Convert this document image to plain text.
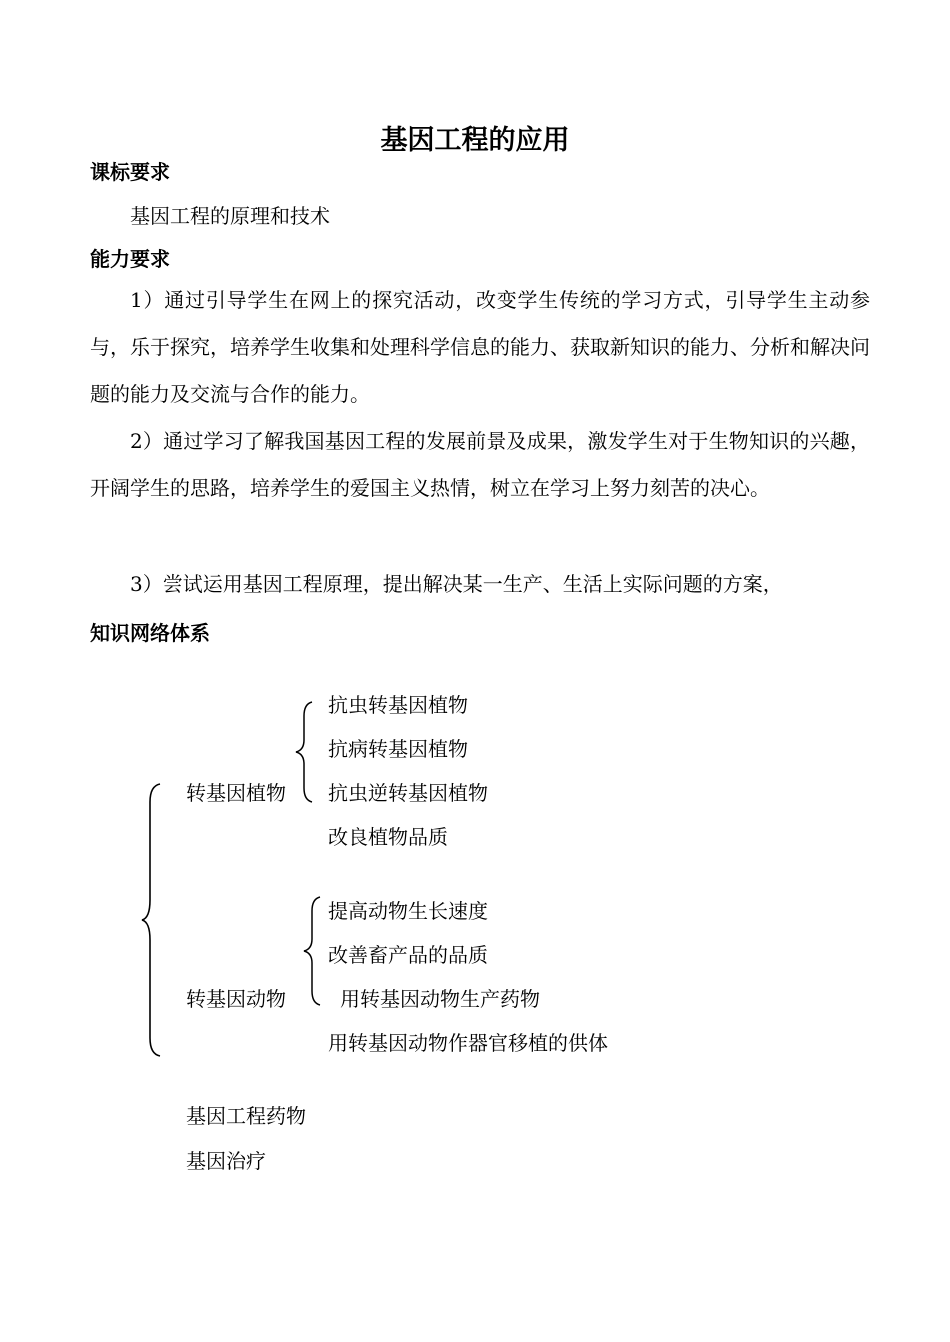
基因工程的应用
课标要求
基因工程的原理和技术
能力要求
1）通过引导学生在网上的探究活动，改变学生传统的学习方式，引导学生主动参与，乐于探究，培养学生收集和处理科学信息的能力、获取新知识的能力、分析和解决问题的能力及交流与合作的能力。
2）通过学习了解我国基因工程的发展前景及成果，激发学生对于生物知识的兴趣，开阔学生的思路，培养学生的爱国主义热情，树立在学习上努力刻苦的决心。
3）尝试运用基因工程原理，提出解决某一生产、生活上实际问题的方案，
知识网络体系
转基因植物
抗虫转基因植物
抗病转基因植物
抗虫逆转基因植物
改良植物品质
转基因动物
提高动物生长速度
改善畜产品的品质
用转基因动物生产药物
用转基因动物作器官移植的供体
基因工程药物
基因治疗
